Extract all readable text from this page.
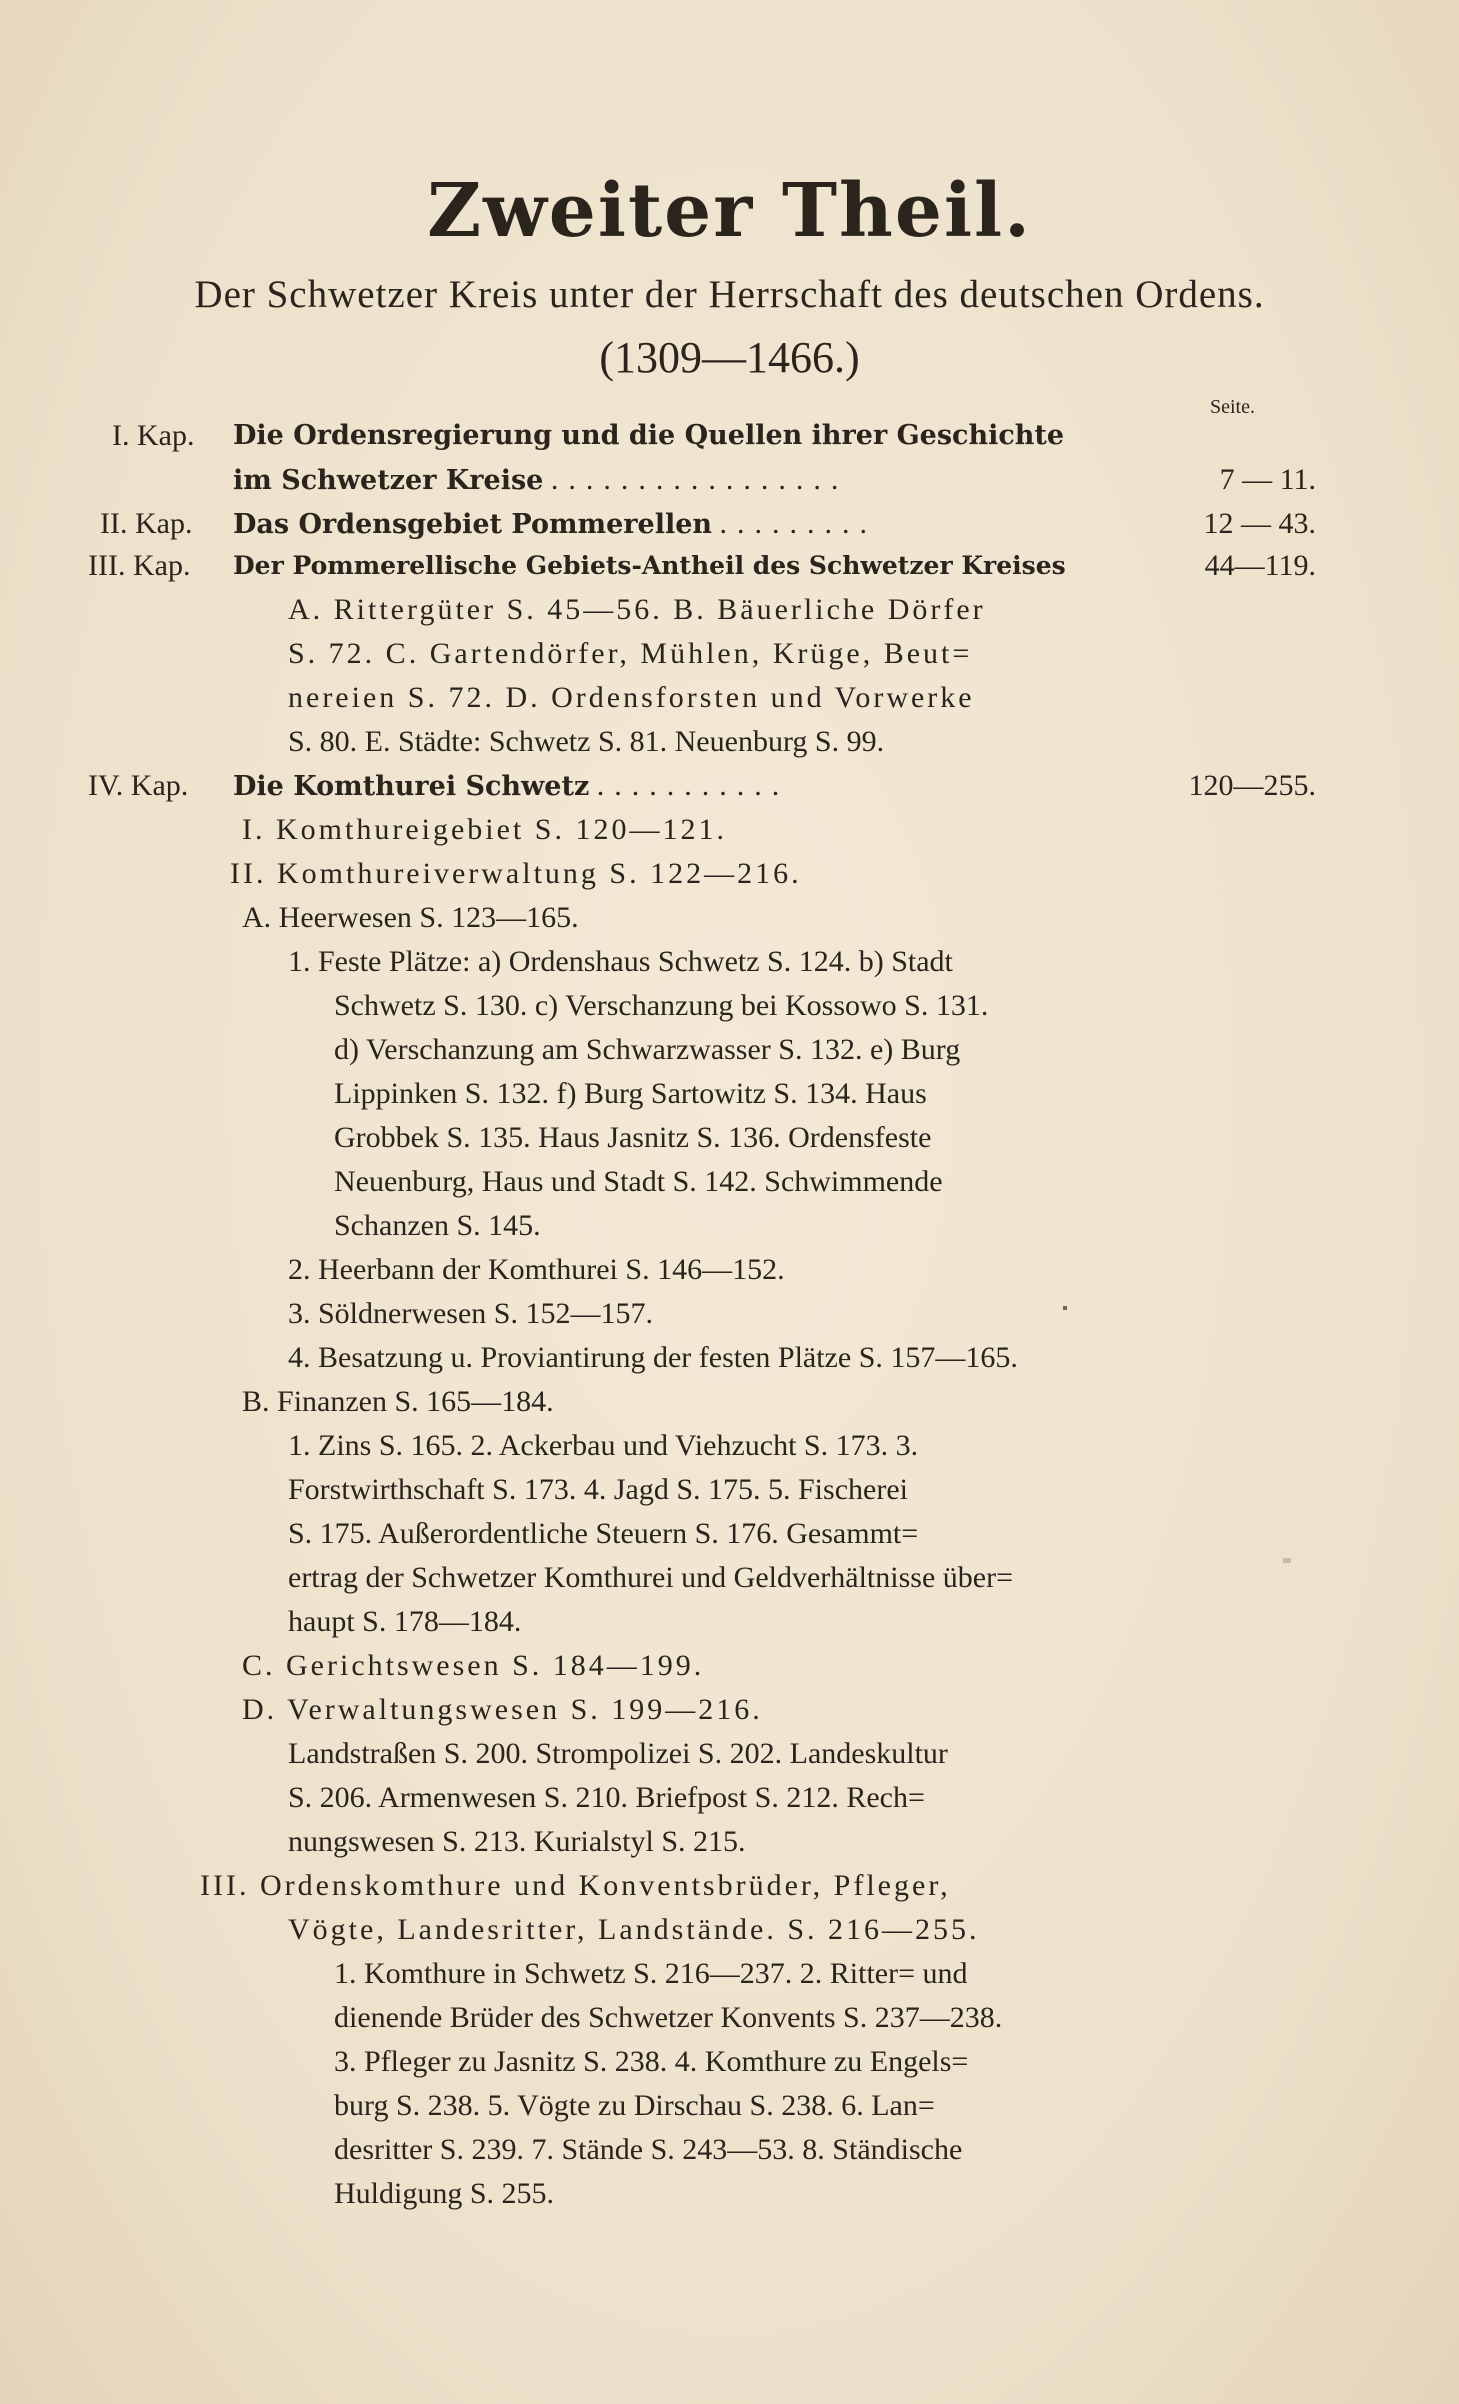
Zweiter Theil.
Der Schwetzer Kreis unter der Herrschaft des deutschen Ordens.
(1309—1466.)
Seite.
I. Kap. Die Ordensregierung und die Quellen ihrer Geschichte
im Schwetzer Kreise .................	7 — 11.
II. Kap. Das Ordensgebiet Pommerellen .........	12 — 43.
III. Kap. Der Pommerellische Gebiets-Antheil des Schwetzer Kreises	44—119.
A. Rittergüter S. 45—56. B. Bäuerliche Dörfer
S. 72. C. Gartendörfer, Mühlen, Krüge, Beut=
nereien S. 72. D. Ordensforsten und Vorwerke
S. 80. E. Städte: Schwetz S. 81. Neuenburg S. 99.
IV. Kap. Die Komthurei Schwetz ...........	120—255.
I. Komthureigebiet S. 120—121.
II. Komthureiverwaltung S. 122—216.
A. Heerwesen S. 123—165.
1. Feste Plätze: a) Ordenshaus Schwetz S. 124. b) Stadt
Schwetz S. 130. c) Verschanzung bei Kossowo S. 131.
d) Verschanzung am Schwarzwasser S. 132. e) Burg
Lippinken S. 132. f) Burg Sartowitz S. 134. Haus
Grobbek S. 135. Haus Jasnitz S. 136. Ordensfeste
Neuenburg, Haus und Stadt S. 142. Schwimmende
Schanzen S. 145.
2. Heerbann der Komthurei S. 146—152.
3. Söldnerwesen S. 152—157.
4. Besatzung u. Proviantirung der festen Plätze S. 157—165.
B. Finanzen S. 165—184.
1. Zins S. 165. 2. Ackerbau und Viehzucht S. 173. 3.
Forstwirthschaft S. 173. 4. Jagd S. 175. 5. Fischerei
S. 175. Außerordentliche Steuern S. 176. Gesammt=
ertrag der Schwetzer Komthurei und Geldverhältnisse über=
haupt S. 178—184.
C. Gerichtswesen S. 184—199.
D. Verwaltungswesen S. 199—216.
Landstraßen S. 200. Strompolizei S. 202. Landeskultur
S. 206. Armenwesen S. 210. Briefpost S. 212. Rech=
nungswesen S. 213. Kurialstyl S. 215.
III. Ordenskomthure und Konventsbrüder, Pfleger,
Vögte, Landesritter, Landstände. S. 216—255.
1. Komthure in Schwetz S. 216—237. 2. Ritter= und
dienende Brüder des Schwetzer Konvents S. 237—238.
3. Pfleger zu Jasnitz S. 238. 4. Komthure zu Engels=
burg S. 238. 5. Vögte zu Dirschau S. 238. 6. Lan=
desritter S. 239. 7. Stände S. 243—53. 8. Ständische
Huldigung S. 255.
